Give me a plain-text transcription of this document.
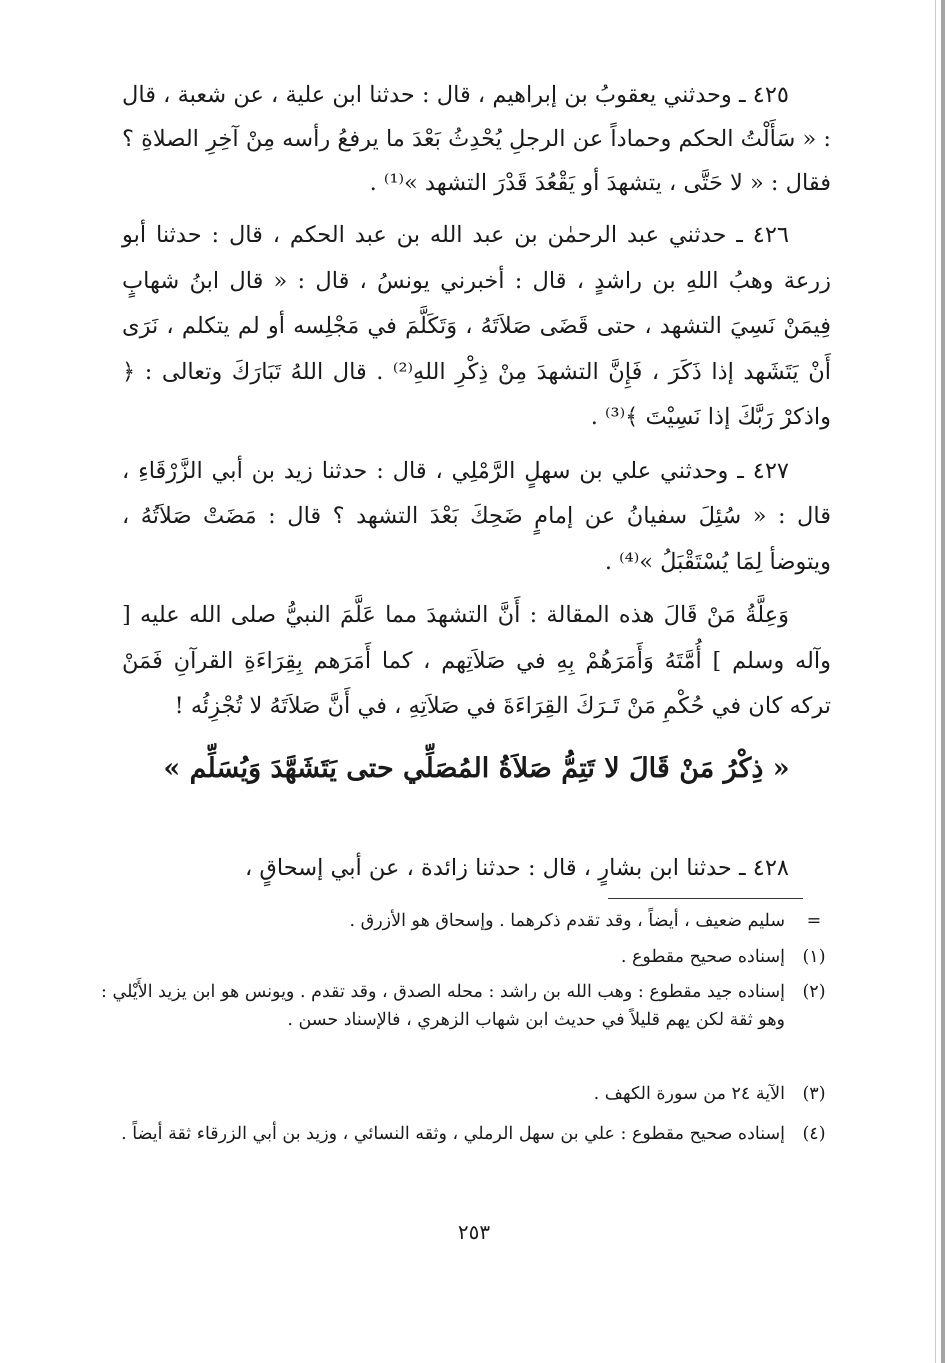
٤٢٥ ـ وحدثني يعقوبُ بن إبراهيم ، قال : حدثنا ابن علية ، عن شعبة ، قال : « سَأَلْتُ الحكم وحماداً عن الرجلِ يُحْدِثُ بَعْدَ ما يرفعُ رأسه مِنْ آخِرِ الصلاةِ ؟ فقال : « لا حَتَّى ، يتشهدَ أو يَقْعُدَ قَدْرَ التشهد »⁽¹⁾ .

٤٢٦ ـ حدثني عبد الرحمٰن بن عبد الله بن عبد الحكم ، قال : حدثنا أبو زرعة وهبُ اللهِ بن راشدٍ ، قال : أخبرني يونسُ ، قال : « قال ابنُ شهابٍ فِيمَنْ نَسِيَ التشهد ، حتى قَضَى صَلاَتَهُ ، وَتَكَلَّمَ في مَجْلِسه أو لم يتكلم ، نَرَى أَنْ يَتَشَهد إذا ذَكَرَ ، فَإِنَّ التشهدَ مِنْ ذِكْرِ اللهِ⁽²⁾ . قال اللهُ تَبَارَكَ وتعالى : ﴿ واذكرْ رَبَّكَ إذا نَسِيْتَ ﴾⁽³⁾ .

٤٢٧ ـ وحدثني علي بن سهلٍ الرَّمْلِي ، قال : حدثنا زيد بن أبي الزَّرْقَاءِ ، قال : « سُئِلَ سفيانُ عن إمامٍ ضَحِكَ بَعْدَ التشهد ؟ قال : مَضَتْ صَلاَتُهُ ، ويتوضأ لِمَا يُسْتَقْبَلُ »⁽⁴⁾ .

وَعِلَّةُ مَنْ قَالَ هذه المقالة : أَنَّ التشهدَ مما عَلَّمَ النبيُّ صلى الله عليه [ وآله وسلم ] أُمَّتَهُ وَأَمَرَهُمْ بِهِ في صَلاَتِهم ، كما أَمَرَهم بِقِرَاءَةِ القرآنِ فَمَنْ تركه كان في حُكْمِ مَنْ تَـرَكَ القِرَاءَةَ في صَلاَتِهِ ، في أَنَّ صَلاَتَهُ لا تُجْزِئُه !

« ذِكْرُ مَنْ قَالَ لا تَتِمُّ صَلاَةُ المُصَلِّي حتى يَتَشَهَّدَ وَيُسَلِّم »
٤٢٨ ـ حدثنا ابن بشارٍ ، قال : حدثنا زائدة ، عن أبي إسحاقٍ ،
=
سليم ضعيف ، أيضاً ، وقد تقدم ذكرهما . وإسحاق هو الأزرق .
(١)
إسناده صحيح مقطوع .
(٢)
إسناده جيد مقطوع : وهب الله بن راشد : محله الصدق ، وقد تقدم . ويونس هو ابن يزيد الأَيْلي : وهو ثقة لكن يهم قليلاً في حديث ابن شهاب الزهري ، فالإسناد حسن .
(٣)
الآية ٢٤ من سورة الكهف .
(٤)
إسناده صحيح مقطوع : علي بن سهل الرملي ، وثقه النسائي ، وزيد بن أبي الزرقاء ثقة أيضاً .
٢٥٣
